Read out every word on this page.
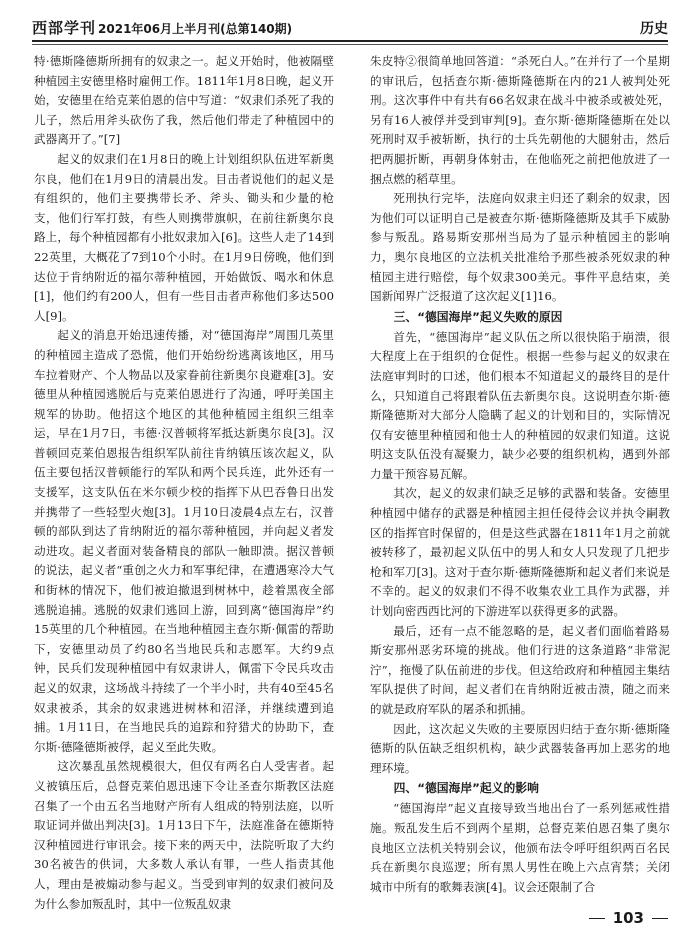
西部学刊 2021年06月上半月刊(总第140期)	历史

特·德斯隆德斯所拥有的奴隶之一。起义开始时，他被隔壁种植园主安德里格时雇佣工作。1811年1月8日晚，起义开始，安德里在给克莱伯恩的信中写道：“奴隶们杀死了我的儿子，然后用斧头砍伤了我，然后他们带走了种植园中的武器离开了。”[7]

起义的奴隶们在1月8日的晚上计划组织队伍进军新奥尔良，他们在1月9日的清晨出发。目击者说他们的起义是有组织的，他们主要携带长矛、斧头、锄头和少量的枪支，他们行军打鼓，有些人则携带旗帜，在前往新奥尔良路上，每个种植园都有小批奴隶加入[6]。这些人走了14到22英里，大概花了7到10个小时。在1月9日傍晚，他们到达位于肯纳附近的福尔蒂种植园，开始做饭、喝水和休息[1]，他们约有200人，但有一些目击者声称他们多达500人[9]。

起义的消息开始迅速传播，对“德国海岸”周围几英里的种植园主造成了恐慌，他们开始纷纷逃离该地区，用马车拉着财产、个人物品以及家眷前往新奥尔良避难[3]。安德里从种植园逃脱后与克莱伯恩进行了沟通，呼吁美国主规军的协助。他招这个地区的其他种植园主组织三组幸运，早在1月7日，韦德·汉普顿将军抵达新奥尔良[3]。汉普顿回克莱伯恩报告组织军队前往肯纳镇压该次起义，队伍主要包括汉普顿能行的军队和两个民兵连，此外还有一支援军，这支队伍在米尔顿少校的指挥下从巴吞鲁日出发并携带了一些轻型火炮[3]。1月10日凌晨4点左右，汉普顿的部队到达了肯纳附近的福尔蒂种植园，并向起义者发动进攻。起义者面对装备精良的部队一触即溃。据汉普顿的说法，起义者“重创之火力和军事纪律，在遭遇寒冷大气和街林的情况下，他们被迫撤退到树林中，趁着黑夜全部逃脱追捕。逃脱的奴隶们逃回上游，回到离“德国海岸”约15英里的几个种植园。在当地种植园主查尔斯·佩雷的帮助下，安德里动员了约80名当地民兵和志愿军。大约9点钟，民兵们发现种植园中有奴隶讲人，佩雷下令民兵攻击起义的奴隶，这场战斗持续了一个半小时，共有40至45名奴隶被杀，其余的奴隶逃进树林和沼泽，并继续遭到追捕。1月11日，在当地民兵的追踪和狩猎犬的协助下，查尔斯·德隆德斯被俘，起义至此失败。

这次暴乱虽然规模很大，但仅有两名白人受害者。起义被镇压后，总督克莱伯恩迅速下令让圣查尔斯教区法庭召集了一个由五名当地财产所有人组成的特别法庭，以听取证词并做出判决[3]。1月13日下午，法庭准备在德斯特汉种植园进行审讯会。接下来的两天中，法院听取了大约30名被告的供词，大多数人承认有罪，一些人指责其他人，理由是被煽动参与起义。当受到审判的奴隶们被问及为什么参加叛乱时，其中一位叛乱奴隶

朱皮特②很简单地回答道：“杀死白人。”在并行了一个星期的审讯后，包括查尔斯·德斯隆德斯在内的21人被判处死刑。这次事件中有共有66名奴隶在战斗中被杀或被处死，另有16人被俘并受到审判[9]。查尔斯·德斯隆德斯在处以死刑时双手被斩断，执行的士兵先朝他的大腿射击，然后把两腿折断，再朝身体射击，在他临死之前把他放进了一捆点燃的稻草里。

死刑执行完毕，法庭向奴隶主归还了剩余的奴隶，因为他们可以证明自己是被查尔斯·德斯隆德斯及其手下威胁参与叛乱。路易斯安那州当局为了显示种植园主的影响力，奥尔良地区的立法机关批准给予那些被杀死奴隶的种植园主进行赔偿，每个奴隶300美元。事件平息结束，美国新闻界广泛报道了这次起义[1]16。

三、“德国海岸”起义失败的原因

首先，“德国海岸”起义队伍之所以很快陷于崩溃，很大程度上在于组织的仓促性。根据一些参与起义的奴隶在法庭审判时的口述，他们根本不知道起义的最终目的是什么，只知道自己将跟着队伍去新奥尔良。这说明查尔斯·德斯隆德斯对大部分人隐瞒了起义的计划和目的，实际情况仅有安德里种植园和他士人的种植园的奴隶们知道。这说明这支队伍没有凝聚力，缺少必要的组织机构，遇到外部力量干预容易瓦解。

其次，起义的奴隶们缺乏足够的武器和装备。安德里种植园中储存的武器是种植园主担任侵待会议并执令嗣教区的指挥官时保留的，但是这些武器在1811年1月之前就被转移了，最初起义队伍中的男人和女人只发现了几把步枪和军刀[3]。这对于查尔斯·德斯隆德斯和起义者们来说是不幸的。起义的奴隶们不得不收集农业工具作为武器，并计划向密西西比河的下游进军以获得更多的武器。

最后，还有一点不能忽略的是，起义者们面临着路易斯安那州恶劣环境的挑战。他们行进的这条道路“非常泥泞”，拖慢了队伍前进的步伐。但这给政府和种植园主集结军队提供了时间，起义者们在肯纳附近被击溃，随之而来的就是政府军队的屠杀和抓捕。

因此，这次起义失败的主要原因归结于查尔斯·德斯隆德斯的队伍缺乏组织机构，缺少武器装备再加上恶劣的地理环境。

四、“德国海岸”起义的影响

“德国海岸”起义直接导致当地出台了一系列惩戒性措施。叛乱发生后不到两个星期，总督克莱伯恩召集了奥尔良地区立法机关特别会议，他颁布法令呼吁组织两百名民兵在新奥尔良巡逻；所有黑人男性在晚上六点宵禁；关闭城市中所有的歌舞表演[4]。议会还限制了合

103
